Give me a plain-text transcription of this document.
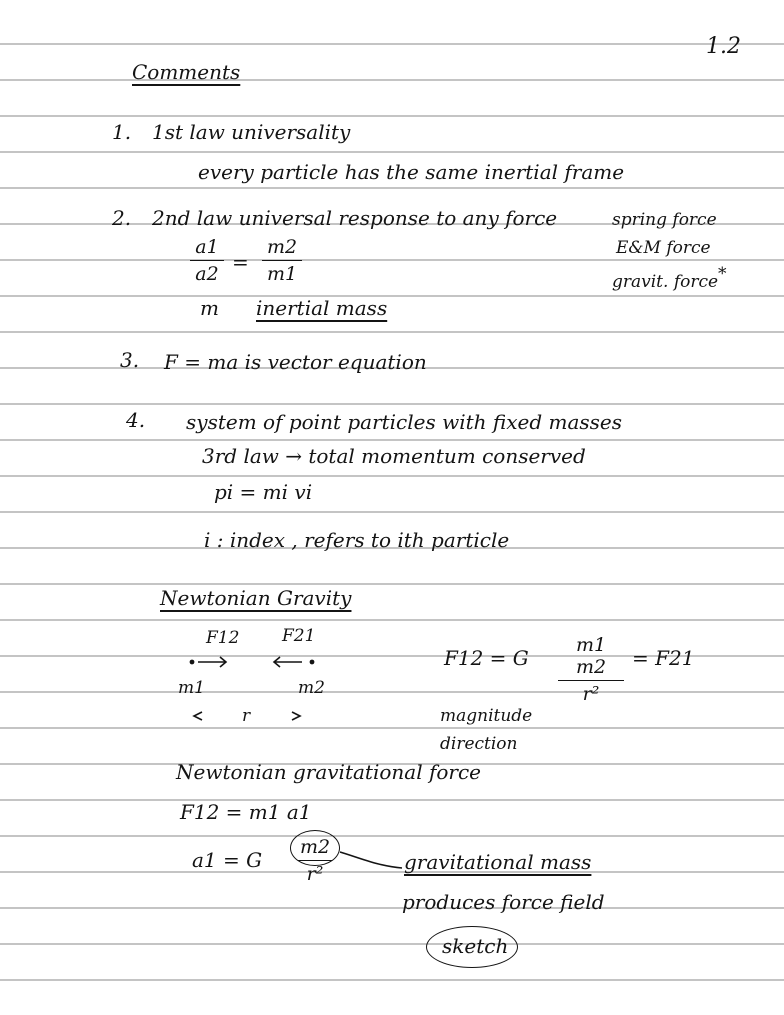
1.2
Comments
1. 1st law universality
every particle has the same inertial frame
2. 2nd law universal response to any force	spring force
E&M force
gravit. force *
a1
a2 =
m2
m1
m inertial mass
3. F = ma is vector equation
4. system of point particles with fixed masses
3rd law → total momentum conserved
pi = mi vi
i : index , refers to ith particle
Newtonian Gravity
F12	F21
m1	m2
r
F12 = G
m1 m2
r²
= F21
magnitude
direction
Newtonian gravitational force
F12 = m1 a1
a1 = G
m2
r²	gravitational mass
produces force field
sketch
